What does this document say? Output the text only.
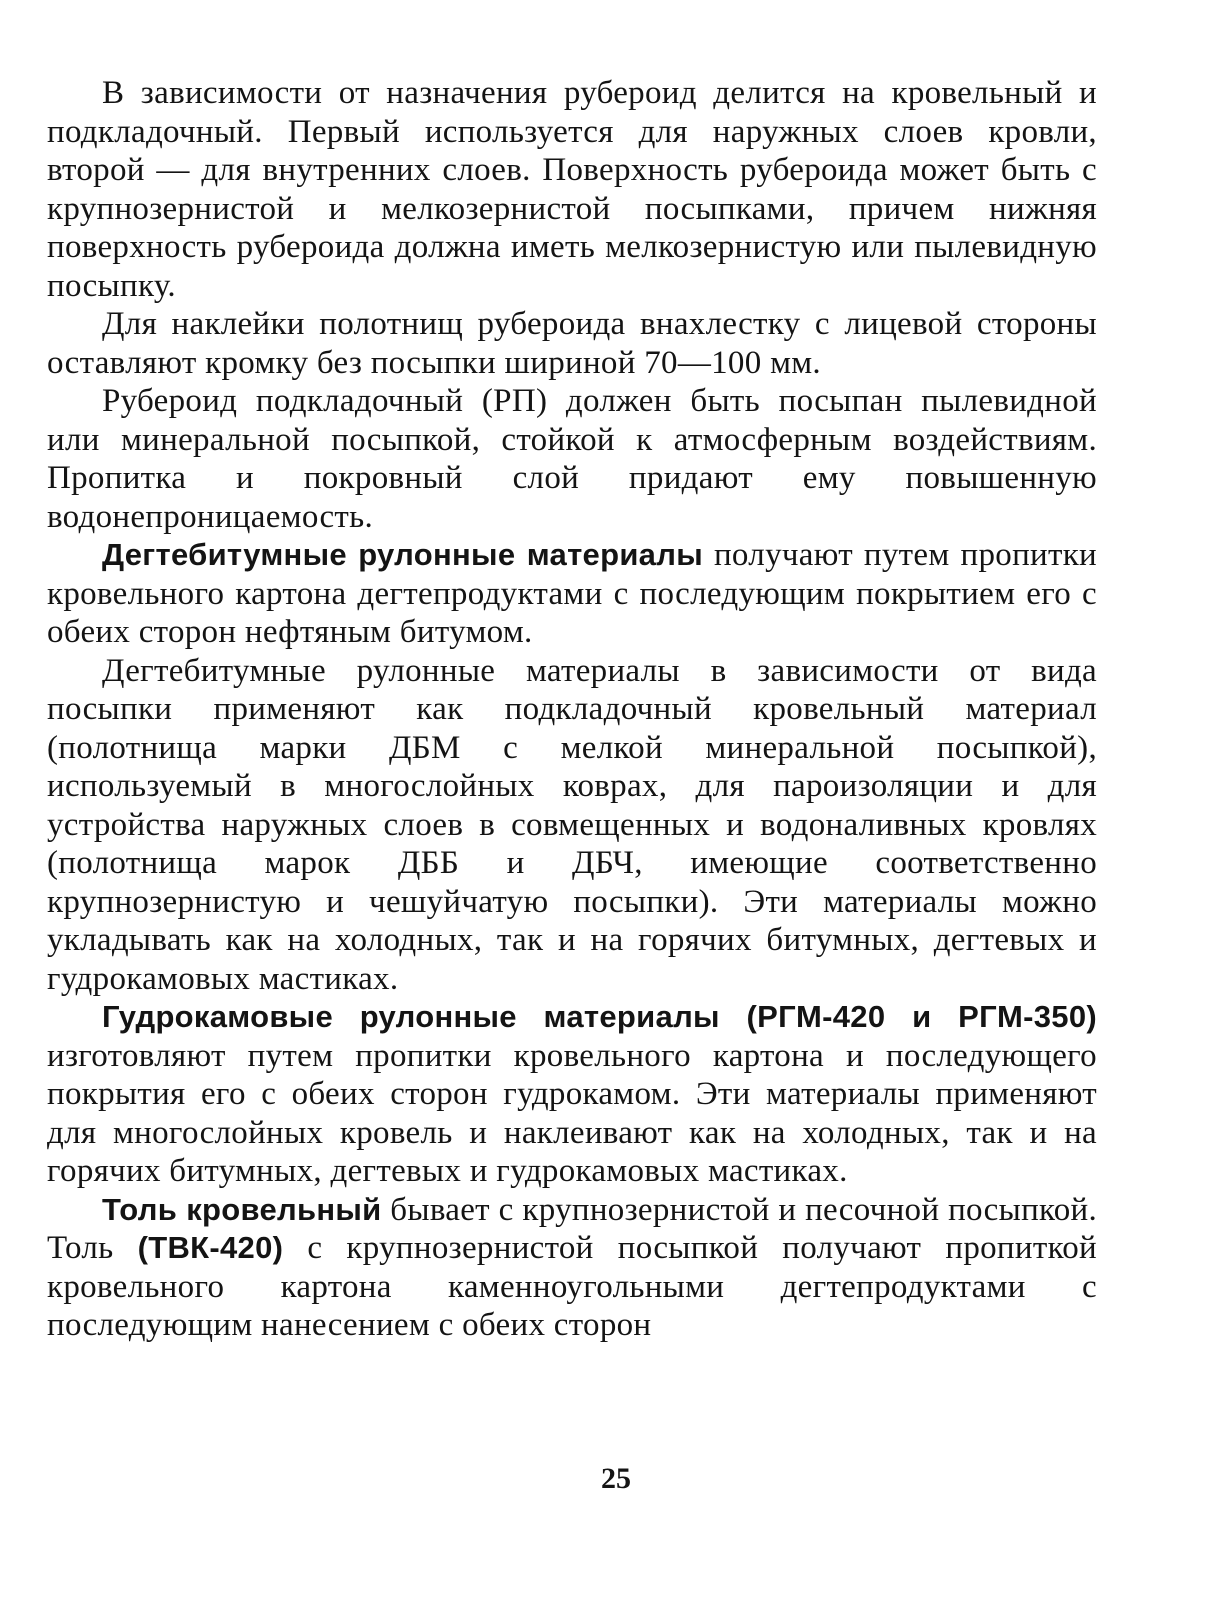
В зависимости от назначения рубероид делится на кровельный и подкладочный. Первый используется для наружных слоев кровли, второй — для внутренних слоев. Поверхность рубероида может быть с крупнозернистой и мелкозернистой посыпками, причем нижняя поверхность рубероида должна иметь мелкозернистую или пылевидную посыпку.

Для наклейки полотнищ рубероида внахлестку с лицевой стороны оставляют кромку без посыпки шириной 70—100 мм.

Рубероид подкладочный (РП) должен быть посыпан пылевидной или минеральной посыпкой, стойкой к атмосферным воздействиям. Пропитка и покровный слой придают ему повышенную водонепроницаемость.

Дегтебитумные рулонные материалы получают путем пропитки кровельного картона дегтепродуктами с последующим покрытием его с обеих сторон нефтяным битумом.

Дегтебитумные рулонные материалы в зависимости от вида посыпки применяют как подкладочный кровельный материал (полотнища марки ДБМ с мелкой минеральной посыпкой), используемый в многослойных коврах, для пароизоляции и для устройства наружных слоев в совмещенных и водоналивных кровлях (полотнища марок ДББ и ДБЧ, имеющие соответственно крупнозернистую и чешуйчатую посыпки). Эти материалы можно укладывать как на холодных, так и на горячих битумных, дегтевых и гудрокамовых мастиках.

Гудрокамовые рулонные материалы (РГМ-420 и РГМ-350) изготовляют путем пропитки кровельного картона и последующего покрытия его с обеих сторон гудрокамом. Эти материалы применяют для многослойных кровель и наклеивают как на холодных, так и на горячих битумных, дегтевых и гудрокамовых мастиках.

Толь кровельный бывает с крупнозернистой и песочной посыпкой. Толь (ТВК-420) с крупнозернистой посыпкой получают пропиткой кровельного картона каменноугольными дегтепродуктами с последующим нанесением с обеих сторон

25
